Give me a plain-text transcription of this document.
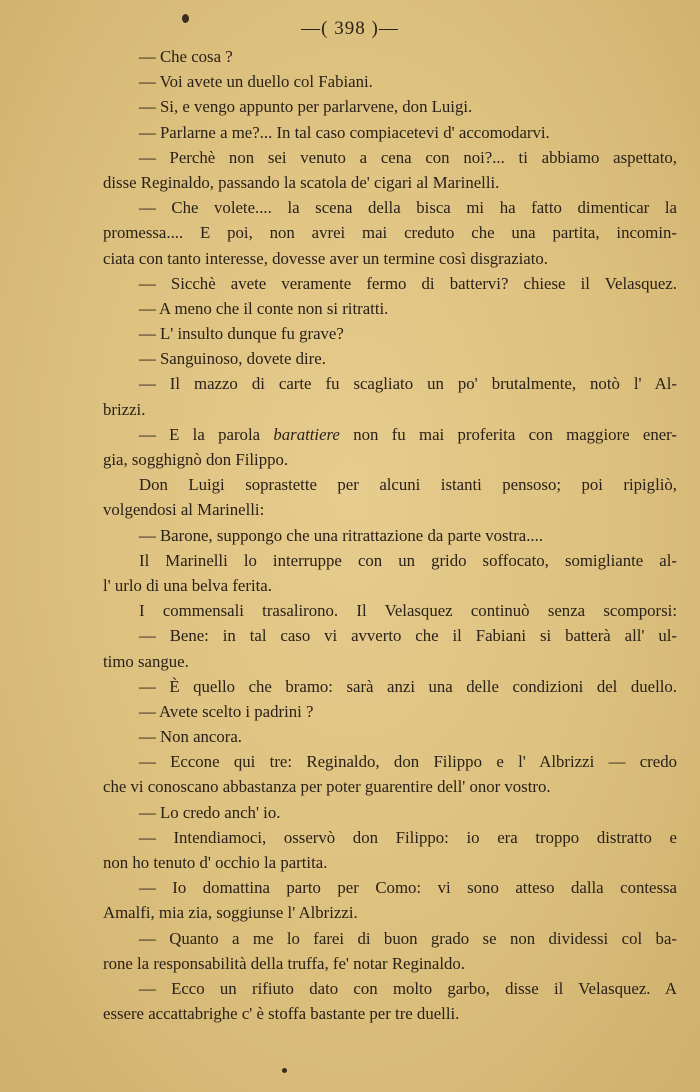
—( 398 )—
— Che cosa ?
— Voi avete un duello col Fabiani.
— Si, e vengo appunto per parlarvene, don Luigi.
— Parlarne a me?... In tal caso compiacetevi d' accomodarvi.
— Perchè non sei venuto a cena con noi?... ti abbiamo aspettato,
disse Reginaldo, passando la scatola de' cigari al Marinelli.
— Che volete.... la scena della bisca mi ha fatto dimenticar la
promessa.... E poi, non avrei mai creduto che una partita, incomin-
ciata con tanto interesse, dovesse aver un termine così disgraziato.
— Sicchè avete veramente fermo di battervi? chiese il Velasquez.
— A meno che il conte non si ritratti.
— L' insulto dunque fu grave?
— Sanguinoso, dovete dire.
— Il mazzo di carte fu scagliato un po' brutalmente, notò l' Al-
brizzi.
— E la parola barattiere non fu mai proferita con maggiore ener-
gia, sogghignò don Filippo.
Don Luigi soprastette per alcuni istanti pensoso; poi ripigliò,
volgendosi al Marinelli:
— Barone, suppongo che una ritrattazione da parte vostra....
Il Marinelli lo interruppe con un grido soffocato, somigliante al-
l' urlo di una belva ferita.
I commensali trasalirono. Il Velasquez continuò senza scomporsi:
— Bene: in tal caso vi avverto che il Fabiani si batterà all' ul-
timo sangue.
— È quello che bramo: sarà anzi una delle condizioni del duello.
— Avete scelto i padrini ?
— Non ancora.
— Eccone qui tre: Reginaldo, don Filippo e l' Albrizzi — credo
che vi conoscano abbastanza per poter guarentire dell' onor vostro.
— Lo credo anch' io.
— Intendiamoci, osservò don Filippo: io era troppo distratto e
non ho tenuto d' occhio la partita.
— Io domattina parto per Como: vi sono atteso dalla contessa
Amalfi, mia zia, soggiunse l' Albrizzi.
— Quanto a me lo farei di buon grado se non dividessi col ba-
rone la responsabilità della truffa, fe' notar Reginaldo.
— Ecco un rifiuto dato con molto garbo, disse il Velasquez. A
essere accattabrighe c' è stoffa bastante per tre duelli.
